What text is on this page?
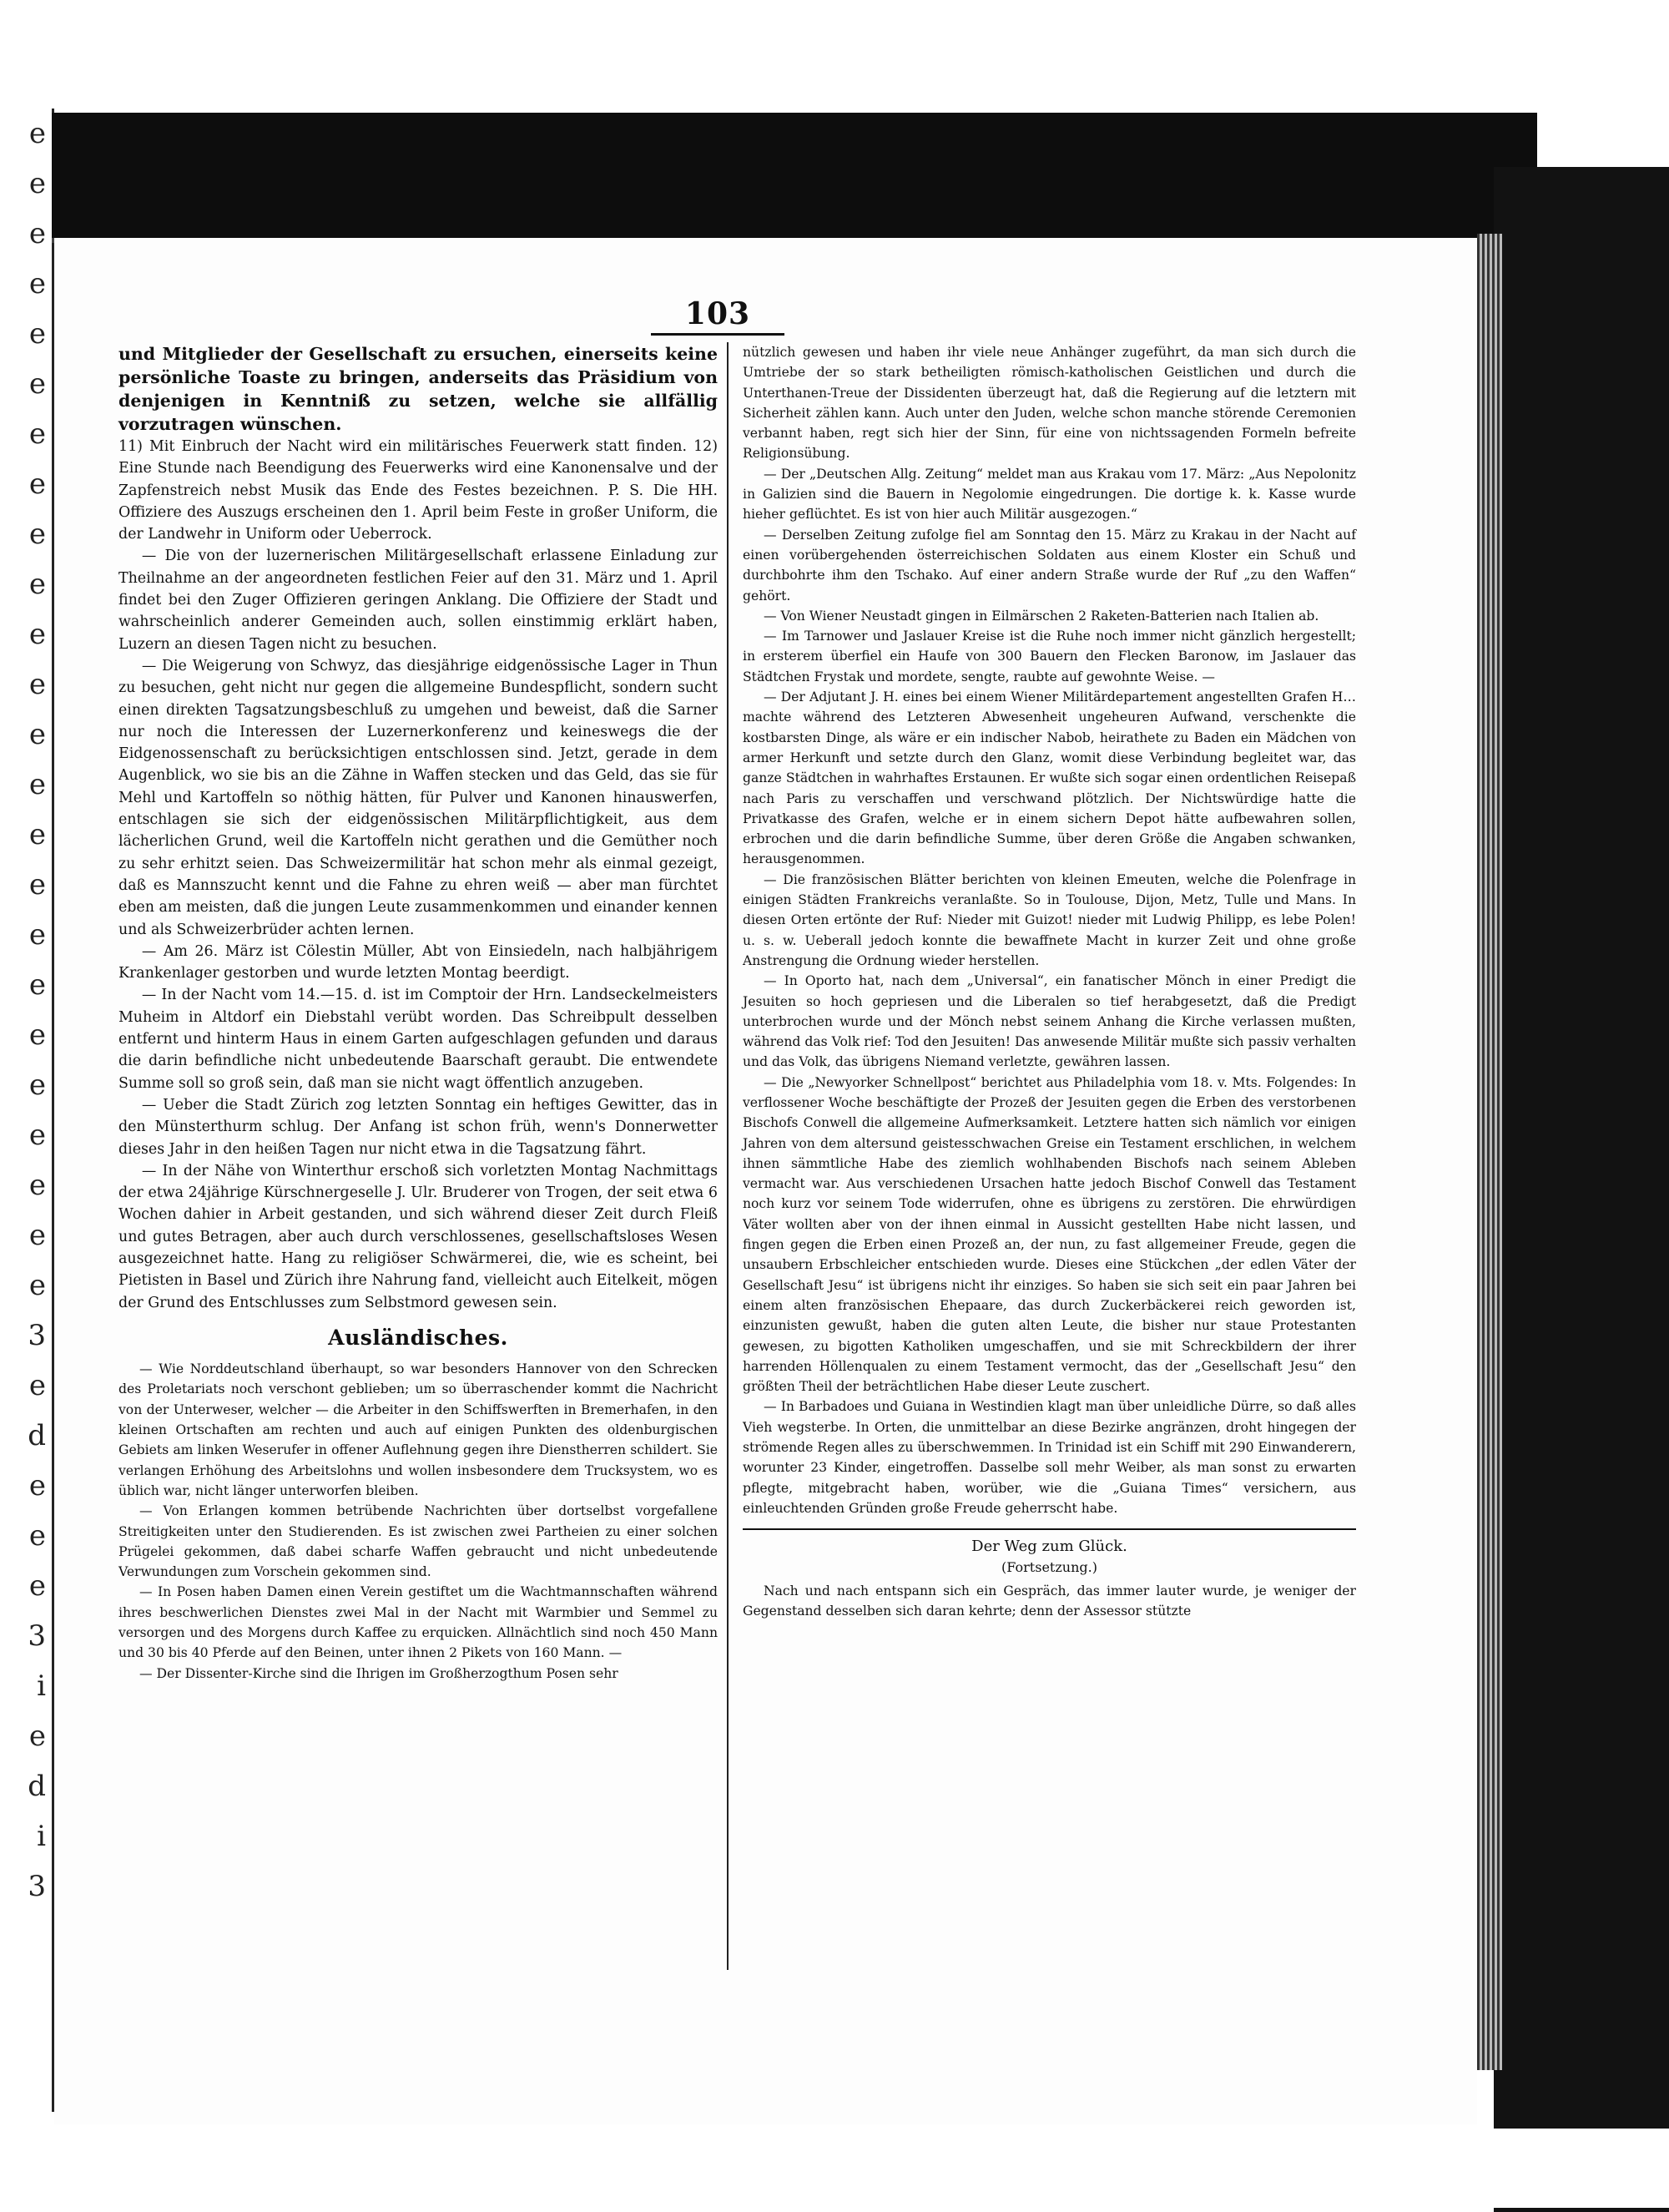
e
e
e
e
e
e
e
e
e
e
e
e
e
e
e
e
e
e
e
e
e
e
e
e
3
e
d
e
e
e
3
i
e
d
i
3
103

und Mitglieder der Gesellschaft zu ersuchen, einerseits keine persönliche Toaste zu bringen, anderseits das Präsidium von denjenigen in Kenntniß zu setzen, welche sie allfällig vorzutragen wünschen.

11) Mit Einbruch der Nacht wird ein militärisches Feuerwerk statt finden. 12) Eine Stunde nach Beendigung des Feuerwerks wird eine Kanonensalve und der Zapfenstreich nebst Musik das Ende des Festes bezeichnen. P. S. Die HH. Offiziere des Auszugs erscheinen den 1. April beim Feste in großer Uniform, die der Landwehr in Uniform oder Ueberrock.

— Die von der luzernerischen Militärgesellschaft erlassene Einladung zur Theilnahme an der angeordneten festlichen Feier auf den 31. März und 1. April findet bei den Zuger Offizieren geringen Anklang. Die Offiziere der Stadt und wahrscheinlich anderer Gemeinden auch, sollen einstimmig erklärt haben, Luzern an diesen Tagen nicht zu besuchen.

— Die Weigerung von Schwyz, das diesjährige eidgenössische Lager in Thun zu besuchen, geht nicht nur gegen die allgemeine Bundespflicht, sondern sucht einen direkten Tagsatzungsbeschluß zu umgehen und beweist, daß die Sarner nur noch die Interessen der Luzernerkonferenz und keineswegs die der Eidgenossenschaft zu berücksichtigen entschlossen sind. Jetzt, gerade in dem Augenblick, wo sie bis an die Zähne in Waffen stecken und das Geld, das sie für Mehl und Kartoffeln so nöthig hätten, für Pulver und Kanonen hinauswerfen, entschlagen sie sich der eidgenössischen Militärpflichtigkeit, aus dem lächerlichen Grund, weil die Kartoffeln nicht gerathen und die Gemüther noch zu sehr erhitzt seien. Das Schweizermilitär hat schon mehr als einmal gezeigt, daß es Mannszucht kennt und die Fahne zu ehren weiß — aber man fürchtet eben am meisten, daß die jungen Leute zusammenkommen und einander kennen und als Schweizerbrüder achten lernen.

— Am 26. März ist Cölestin Müller, Abt von Einsiedeln, nach halbjährigem Krankenlager gestorben und wurde letzten Montag beerdigt.

— In der Nacht vom 14.—15. d. ist im Comptoir der Hrn. Landseckelmeisters Muheim in Altdorf ein Diebstahl verübt worden. Das Schreibpult desselben entfernt und hinterm Haus in einem Garten aufgeschlagen gefunden und daraus die darin befindliche nicht unbedeutende Baarschaft geraubt. Die entwendete Summe soll so groß sein, daß man sie nicht wagt öffentlich anzugeben.

— Ueber die Stadt Zürich zog letzten Sonntag ein heftiges Gewitter, das in den Münsterthurm schlug. Der Anfang ist schon früh, wenn's Donnerwetter dieses Jahr in den heißen Tagen nur nicht etwa in die Tagsatzung fährt.

— In der Nähe von Winterthur erschoß sich vorletzten Montag Nachmittags der etwa 24jährige Kürschnergeselle J. Ulr. Bruderer von Trogen, der seit etwa 6 Wochen dahier in Arbeit gestanden, und sich während dieser Zeit durch Fleiß und gutes Betragen, aber auch durch verschlossenes, gesellschaftsloses Wesen ausgezeichnet hatte. Hang zu religiöser Schwärmerei, die, wie es scheint, bei Pietisten in Basel und Zürich ihre Nahrung fand, vielleicht auch Eitelkeit, mögen der Grund des Entschlusses zum Selbstmord gewesen sein.

Ausländisches.

— Wie Norddeutschland überhaupt, so war besonders Hannover von den Schrecken des Proletariats noch verschont geblieben; um so überraschender kommt die Nachricht von der Unterweser, welcher — die Arbeiter in den Schiffswerften in Bremerhafen, in den kleinen Ortschaften am rechten und auch auf einigen Punkten des oldenburgischen Gebiets am linken Weserufer in offener Auflehnung gegen ihre Dienstherren schildert. Sie verlangen Erhöhung des Arbeitslohns und wollen insbesondere dem Trucksystem, wo es üblich war, nicht länger unterworfen bleiben.

— Von Erlangen kommen betrübende Nachrichten über dortselbst vorgefallene Streitigkeiten unter den Studierenden. Es ist zwischen zwei Partheien zu einer solchen Prügelei gekommen, daß dabei scharfe Waffen gebraucht und nicht unbedeutende Verwundungen zum Vorschein gekommen sind.

— In Posen haben Damen einen Verein gestiftet um die Wachtmannschaften während ihres beschwerlichen Dienstes zwei Mal in der Nacht mit Warmbier und Semmel zu versorgen und des Morgens durch Kaffee zu erquicken. Allnächtlich sind noch 450 Mann und 30 bis 40 Pferde auf den Beinen, unter ihnen 2 Pikets von 160 Mann. —

— Der Dissenter-Kirche sind die Ihrigen im Großherzogthum Posen sehr

nützlich gewesen und haben ihr viele neue Anhänger zugeführt, da man sich durch die Umtriebe der so stark betheiligten römisch-katholischen Geistlichen und durch die Unterthanen-Treue der Dissidenten überzeugt hat, daß die Regierung auf die letztern mit Sicherheit zählen kann. Auch unter den Juden, welche schon manche störende Ceremonien verbannt haben, regt sich hier der Sinn, für eine von nichtssagenden Formeln befreite Religionsübung.

— Der „Deutschen Allg. Zeitung“ meldet man aus Krakau vom 17. März: „Aus Nepolonitz in Galizien sind die Bauern in Negolomie eingedrungen. Die dortige k. k. Kasse wurde hieher geflüchtet. Es ist von hier auch Militär ausgezogen.“

— Derselben Zeitung zufolge fiel am Sonntag den 15. März zu Krakau in der Nacht auf einen vorübergehenden österreichischen Soldaten aus einem Kloster ein Schuß und durchbohrte ihm den Tschako. Auf einer andern Straße wurde der Ruf „zu den Waffen“ gehört.

— Von Wiener Neustadt gingen in Eilmärschen 2 Raketen-Batterien nach Italien ab.

— Im Tarnower und Jaslauer Kreise ist die Ruhe noch immer nicht gänzlich hergestellt; in ersterem überfiel ein Haufe von 300 Bauern den Flecken Baronow, im Jaslauer das Städtchen Frystak und mordete, sengte, raubte auf gewohnte Weise. —

— Der Adjutant J. H. eines bei einem Wiener Militärdepartement angestellten Grafen H… machte während des Letzteren Abwesenheit ungeheuren Aufwand, verschenkte die kostbarsten Dinge, als wäre er ein indischer Nabob, heirathete zu Baden ein Mädchen von armer Herkunft und setzte durch den Glanz, womit diese Verbindung begleitet war, das ganze Städtchen in wahrhaftes Erstaunen. Er wußte sich sogar einen ordentlichen Reisepaß nach Paris zu verschaffen und verschwand plötzlich. Der Nichtswürdige hatte die Privatkasse des Grafen, welche er in einem sichern Depot hätte aufbewahren sollen, erbrochen und die darin befindliche Summe, über deren Größe die Angaben schwanken, herausgenommen.

— Die französischen Blätter berichten von kleinen Emeuten, welche die Polenfrage in einigen Städten Frankreichs veranlaßte. So in Toulouse, Dijon, Metz, Tulle und Mans. In diesen Orten ertönte der Ruf: Nieder mit Guizot! nieder mit Ludwig Philipp, es lebe Polen! u. s. w. Ueberall jedoch konnte die bewaffnete Macht in kurzer Zeit und ohne große Anstrengung die Ordnung wieder herstellen.

— In Oporto hat, nach dem „Universal“, ein fanatischer Mönch in einer Predigt die Jesuiten so hoch gepriesen und die Liberalen so tief herabgesetzt, daß die Predigt unterbrochen wurde und der Mönch nebst seinem Anhang die Kirche verlassen mußten, während das Volk rief: Tod den Jesuiten! Das anwesende Militär mußte sich passiv verhalten und das Volk, das übrigens Niemand verletzte, gewähren lassen.

— Die „Newyorker Schnellpost“ berichtet aus Philadelphia vom 18. v. Mts. Folgendes: In verflossener Woche beschäftigte der Prozeß der Jesuiten gegen die Erben des verstorbenen Bischofs Conwell die allgemeine Aufmerksamkeit. Letztere hatten sich nämlich vor einigen Jahren von dem altersund geistesschwachen Greise ein Testament erschlichen, in welchem ihnen sämmtliche Habe des ziemlich wohlhabenden Bischofs nach seinem Ableben vermacht war. Aus verschiedenen Ursachen hatte jedoch Bischof Conwell das Testament noch kurz vor seinem Tode widerrufen, ohne es übrigens zu zerstören. Die ehrwürdigen Väter wollten aber von der ihnen einmal in Aussicht gestellten Habe nicht lassen, und fingen gegen die Erben einen Prozeß an, der nun, zu fast allgemeiner Freude, gegen die unsaubern Erbschleicher entschieden wurde. Dieses eine Stückchen „der edlen Väter der Gesellschaft Jesu“ ist übrigens nicht ihr einziges. So haben sie sich seit ein paar Jahren bei einem alten französischen Ehepaare, das durch Zuckerbäckerei reich geworden ist, einzunisten gewußt, haben die guten alten Leute, die bisher nur staue Protestanten gewesen, zu bigotten Katholiken umgeschaffen, und sie mit Schreckbildern der ihrer harrenden Höllenqualen zu einem Testament vermocht, das der „Gesellschaft Jesu“ den größten Theil der beträchtlichen Habe dieser Leute zuschert.

— In Barbadoes und Guiana in Westindien klagt man über unleidliche Dürre, so daß alles Vieh wegsterbe. In Orten, die unmittelbar an diese Bezirke angränzen, droht hingegen der strömende Regen alles zu überschwemmen. In Trinidad ist ein Schiff mit 290 Einwanderern, worunter 23 Kinder, eingetroffen. Dasselbe soll mehr Weiber, als man sonst zu erwarten pflegte, mitgebracht haben, worüber, wie die „Guiana Times“ versichern, aus einleuchtenden Gründen große Freude geherrscht habe.

Der Weg zum Glück.
(Fortsetzung.)

Nach und nach entspann sich ein Gespräch, das immer lauter wurde, je weniger der Gegenstand desselben sich daran kehrte; denn der Assessor stützte
